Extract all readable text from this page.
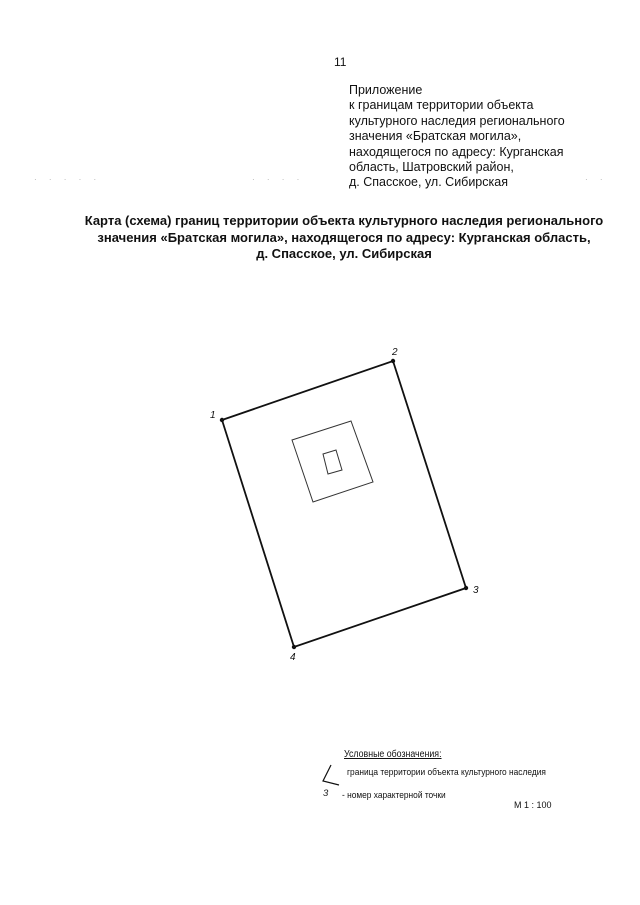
11
Приложение
к границам территории объекта
культурного наследия регионального
значения «Братская могила»,
находящегося по адресу: Курганская
область, Шатровский район,
д. Спасское, ул. Сибирская
· · · · ·	· · · ·	· ·
Карта (схема) границ территории объекта культурного наследия регионального
значения «Братская могила», находящегося по адресу: Курганская область,
д. Спасское, ул. Сибирская
1
2
3
4
Условные обозначения:
граница территории объекта культурного наследия
3 - номер характерной точки
М 1 : 100
